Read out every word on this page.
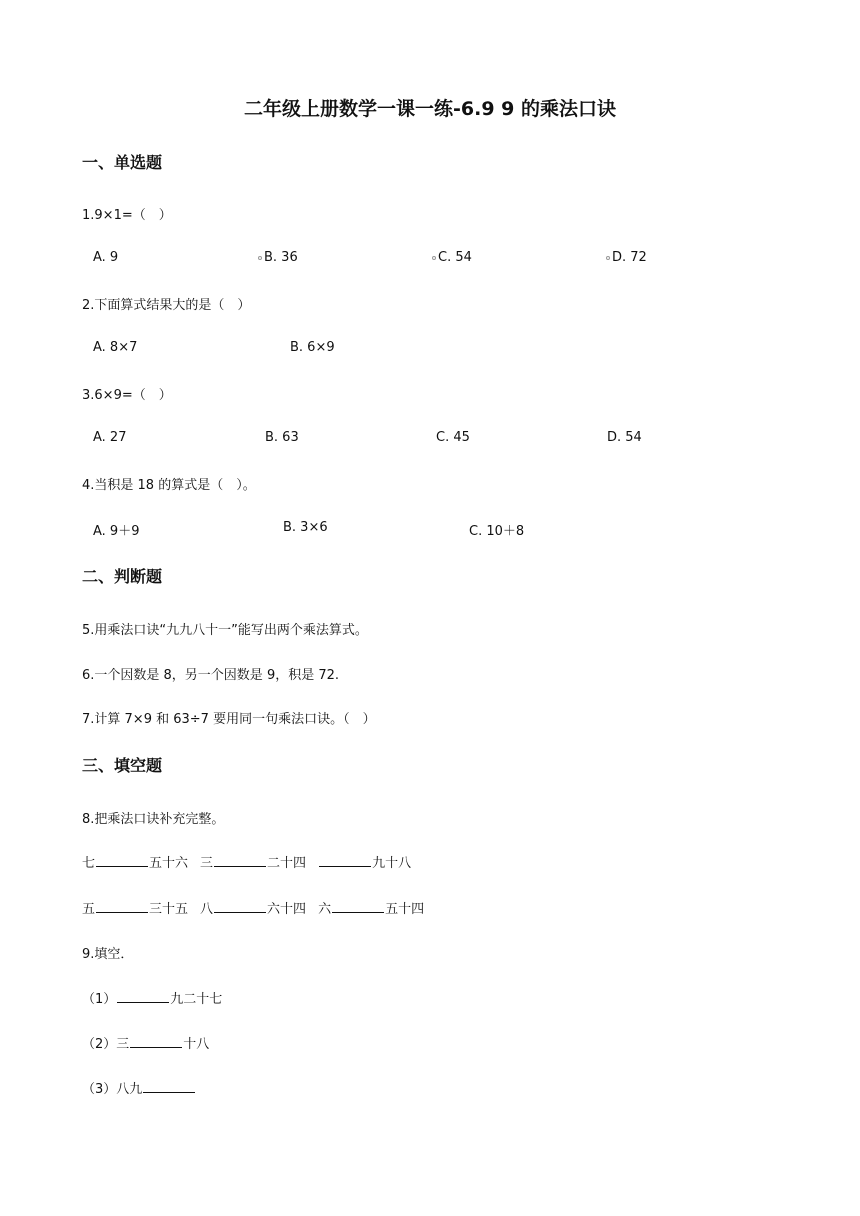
二年级上册数学一课一练-6.9 9 的乘法口诀
一、单选题
1.9×1=（　）
A. 9	B. 36	C. 54	D. 72
2.下面算式结果大的是（　）
A. 8×7	B. 6×9
3.6×9=（　）
A. 27	B. 63	C. 45	D. 54
4.当积是 18 的算式是（　）。
A. 9＋9	B. 3×6	C. 10＋8
二、判断题
5.用乘法口诀“九九八十一”能写出两个乘法算式。
6.一个因数是 8，另一个因数是 9，积是 72.
7.计算 7×9 和 63÷7 要用同一句乘法口诀。（　）
三、填空题
8.把乘法口诀补充完整。
七	五十六 三	二十四	九十八
五	三十五 八	六十四 六	五十四
9.填空．
（1）	九二十七
（2）三	十八
（3）八九
